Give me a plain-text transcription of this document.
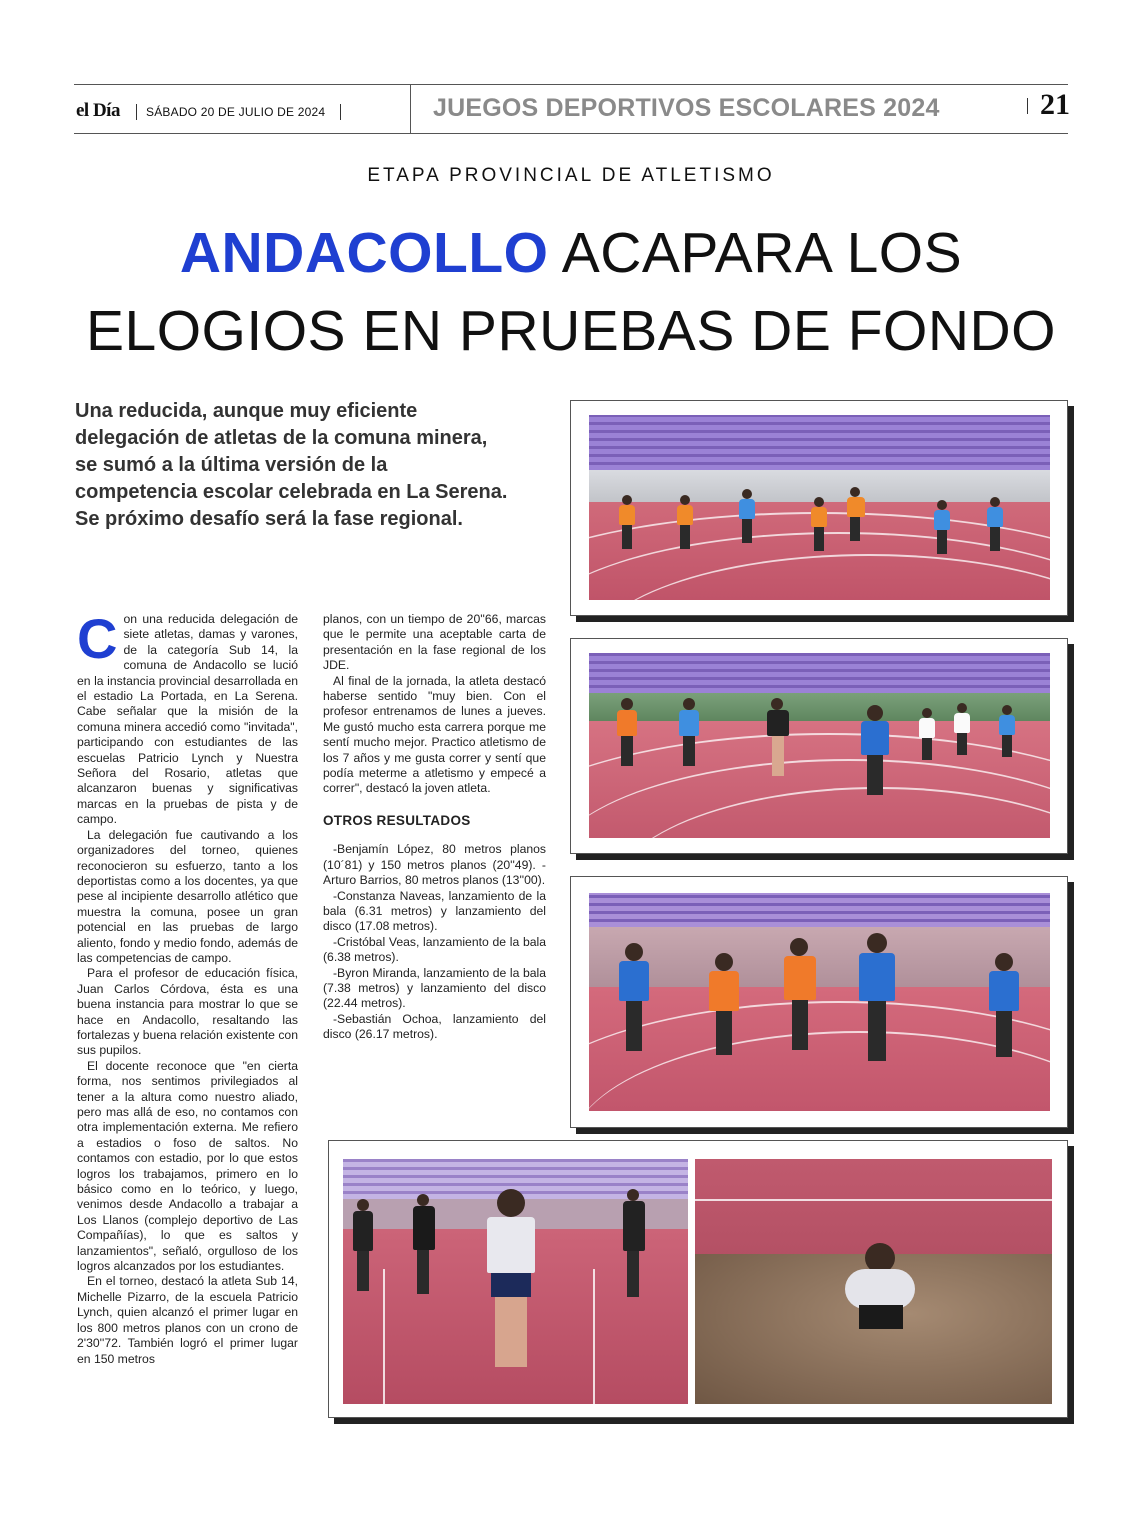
el Día SÁBADO 20 DE JULIO DE 2024	JUEGOS DEPORTIVOS ESCOLARES 2024	21
ETAPA PROVINCIAL DE ATLETISMO
ANDACOLLO ACAPARA LOS
ELOGIOS EN PRUEBAS DE FONDO
Una reducida, aunque muy eficiente delegación de atletas de la comuna minera, se sumó a la última versión de la competencia escolar celebrada en La Serena. Se próximo desafío será la fase regional.

Con una reducida delegación de siete atletas, damas y varones, de la categoría Sub 14, la comuna de Andacollo se lució en la instancia provincial desarrollada en el estadio La Portada, en La Serena. Cabe señalar que la misión de la comuna minera accedió como "invitada", participando con estudiantes de las escuelas Patricio Lynch y Nuestra Señora del Rosario, atletas que alcanzaron buenas y significativas marcas en la pruebas de pista y de campo.

La delegación fue cautivando a los organizadores del torneo, quienes reconocieron su esfuerzo, tanto a los deportistas como a los docentes, ya que pese al incipiente desarrollo atlético que muestra la comuna, posee un gran potencial en las pruebas de largo aliento, fondo y medio fondo, además de las competencias de campo.

Para el profesor de educación física, Juan Carlos Córdova, ésta es una buena instancia para mostrar lo que se hace en Andacollo, resaltando las fortalezas y buena relación existente con sus pupilos.

El docente reconoce que "en cierta forma, nos sentimos privilegiados al tener a la altura como nuestro aliado, pero mas allá de eso, no contamos con otra implementación externa. Me refiero a estadios o foso de saltos. No contamos con estadio, por lo que estos logros los trabajamos, primero en lo básico como en lo teórico, y luego, venimos desde Andacollo a trabajar a Los Llanos (complejo deportivo de Las Compañías), lo que es saltos y lanzamientos", señaló, orgulloso de los logros alcanzados por los estudiantes.

En el torneo, destacó la atleta Sub 14, Michelle Pizarro, de la escuela Patricio Lynch, quien alcanzó el primer lugar en los 800 metros planos con un crono de 2'30''72. También logró el primer lugar en 150 metros

planos, con un tiempo de 20''66, marcas que le permite una aceptable carta de presentación en la fase regional de los JDE.

Al final de la jornada, la atleta destacó haberse sentido "muy bien. Con el profesor entrenamos de lunes a jueves. Me gustó mucho esta carrera porque me sentí mucho mejor. Practico atletismo de los 7 años y me gusta correr y sentí que podía meterme a atletismo y empecé a correr", destacó la joven atleta.

OTROS RESULTADOS

-Benjamín López, 80 metros planos (10´81) y 150 metros planos (20''49). -Arturo Barrios, 80 metros planos (13''00).

-Constanza Naveas, lanzamiento de la bala (6.31 metros) y lanzamiento del disco (17.08 metros).

-Cristóbal Veas, lanzamiento de la bala (6.38 metros).

-Byron Miranda, lanzamiento de la bala (7.38 metros) y lanzamiento del disco (22.44 metros).

-Sebastián Ochoa, lanzamiento del disco (26.17 metros).
